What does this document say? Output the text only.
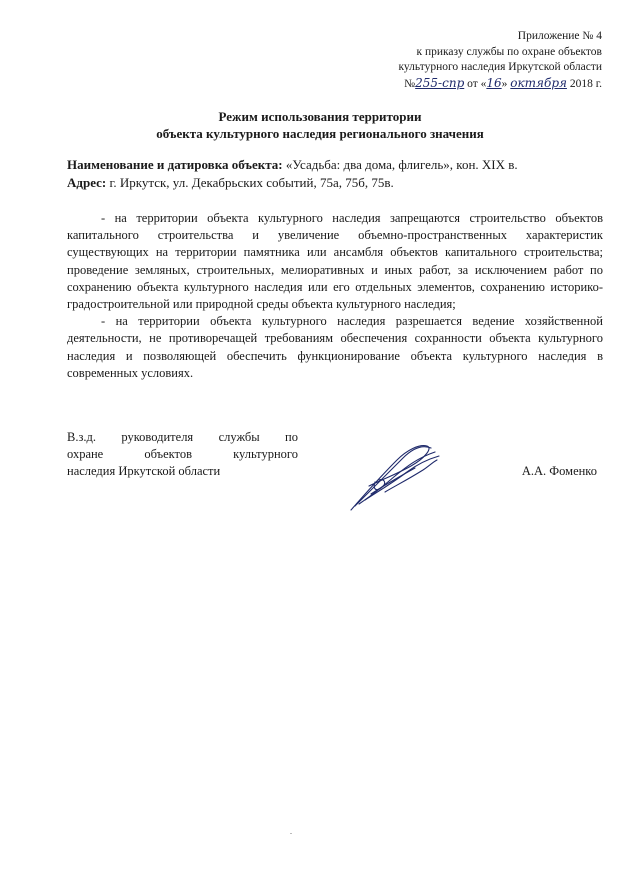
Приложение № 4
к приказу службы по охране объектов
культурного наследия Иркутской области
№255-спр от «16» октября 2018 г.
Режим использования территории
объекта культурного наследия регионального значения
Наименование и датировка объекта: «Усадьба: два дома, флигель», кон. XIX в.
Адрес: г. Иркутск, ул. Декабрьских событий, 75а, 75б, 75в.

- на территории объекта культурного наследия запрещаются строительство объектов капитального строительства и увеличение объемно-пространственных характеристик существующих на территории памятника или ансамбля объектов капитального строительства; проведение земляных, строительных, мелиоративных и иных работ, за исключением работ по сохранению объекта культурного наследия или его отдельных элементов, сохранению историко-градостроительной или природной среды объекта культурного наследия;

- на территории объекта культурного наследия разрешается ведение хозяйственной деятельности, не противоречащей требованиям обеспечения сохранности объекта культурного наследия и позволяющей обеспечить функционирование объекта культурного наследия в современных условиях.

В.з.д. руководителя службы по
охране объектов культурного
наследия Иркутской области	А.А. Фоменко
